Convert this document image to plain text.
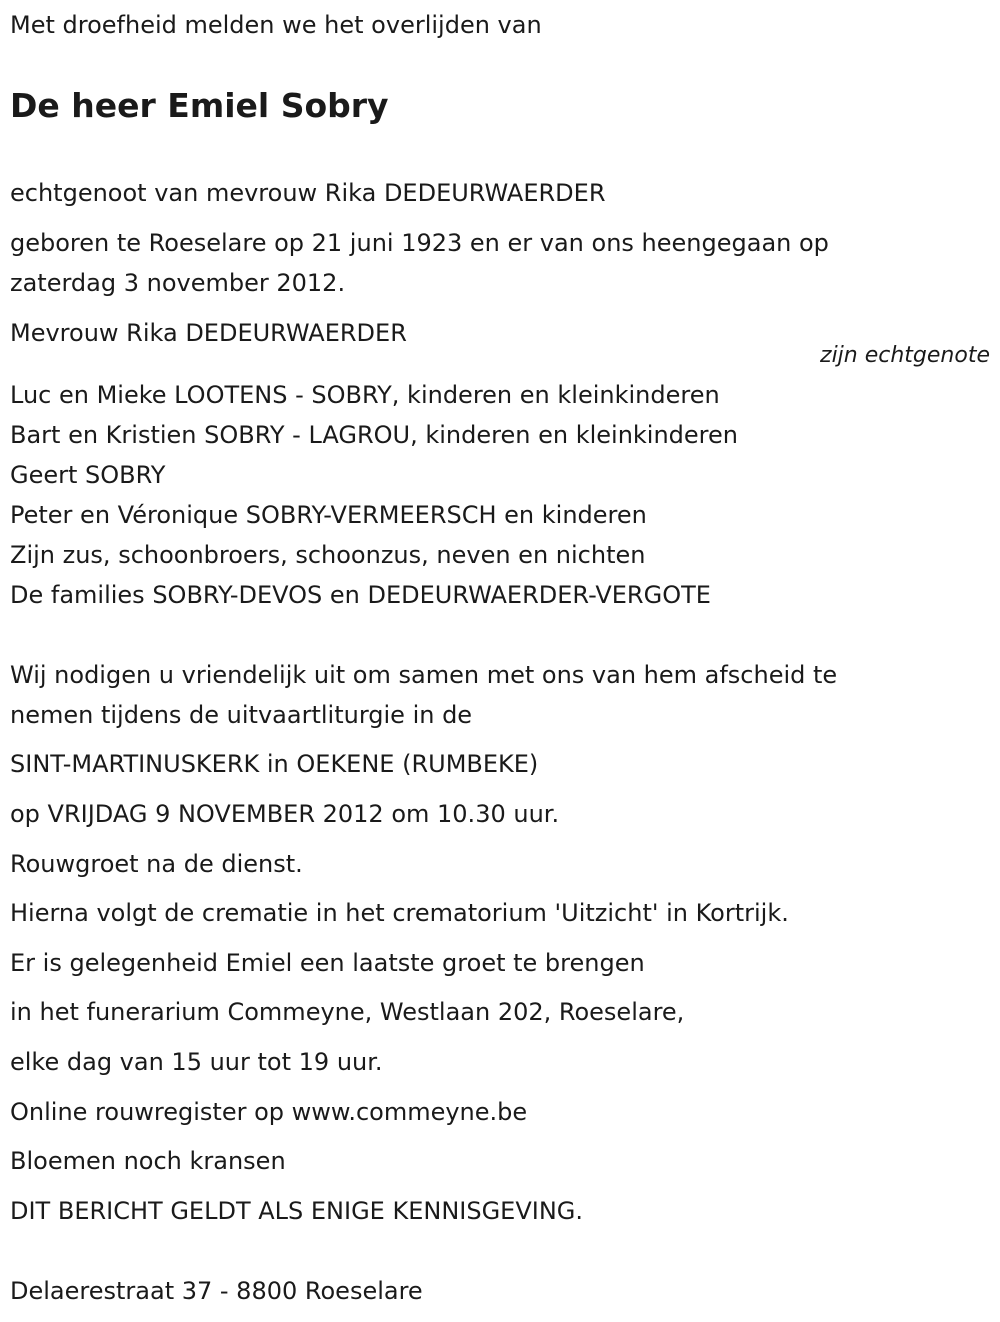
Met droefheid melden we het overlijden van
De heer Emiel Sobry
echtgenoot van mevrouw Rika DEDEURWAERDER
geboren te Roeselare op 21 juni 1923 en er van ons heengegaan op
zaterdag 3 november 2012.
Mevrouw Rika DEDEURWAERDER
zijn echtgenote
Luc en Mieke LOOTENS - SOBRY, kinderen en kleinkinderen
Bart en Kristien SOBRY - LAGROU, kinderen en kleinkinderen
Geert SOBRY
Peter en Véronique SOBRY-VERMEERSCH en kinderen
Zijn zus, schoonbroers, schoonzus, neven en nichten
De families SOBRY-DEVOS en DEDEURWAERDER-VERGOTE
Wij nodigen u vriendelijk uit om samen met ons van hem afscheid te
nemen tijdens de uitvaartliturgie in de
SINT-MARTINUSKERK in OEKENE (RUMBEKE)
op VRIJDAG 9 NOVEMBER 2012 om 10.30 uur.
Rouwgroet na de dienst.
Hierna volgt de crematie in het crematorium 'Uitzicht' in Kortrijk.
Er is gelegenheid Emiel een laatste groet te brengen
in het funerarium Commeyne, Westlaan 202, Roeselare,
elke dag van 15 uur tot 19 uur.
Online rouwregister op www.commeyne.be
Bloemen noch kransen
DIT BERICHT GELDT ALS ENIGE KENNISGEVING.
Delaerestraat 37 - 8800 Roeselare
